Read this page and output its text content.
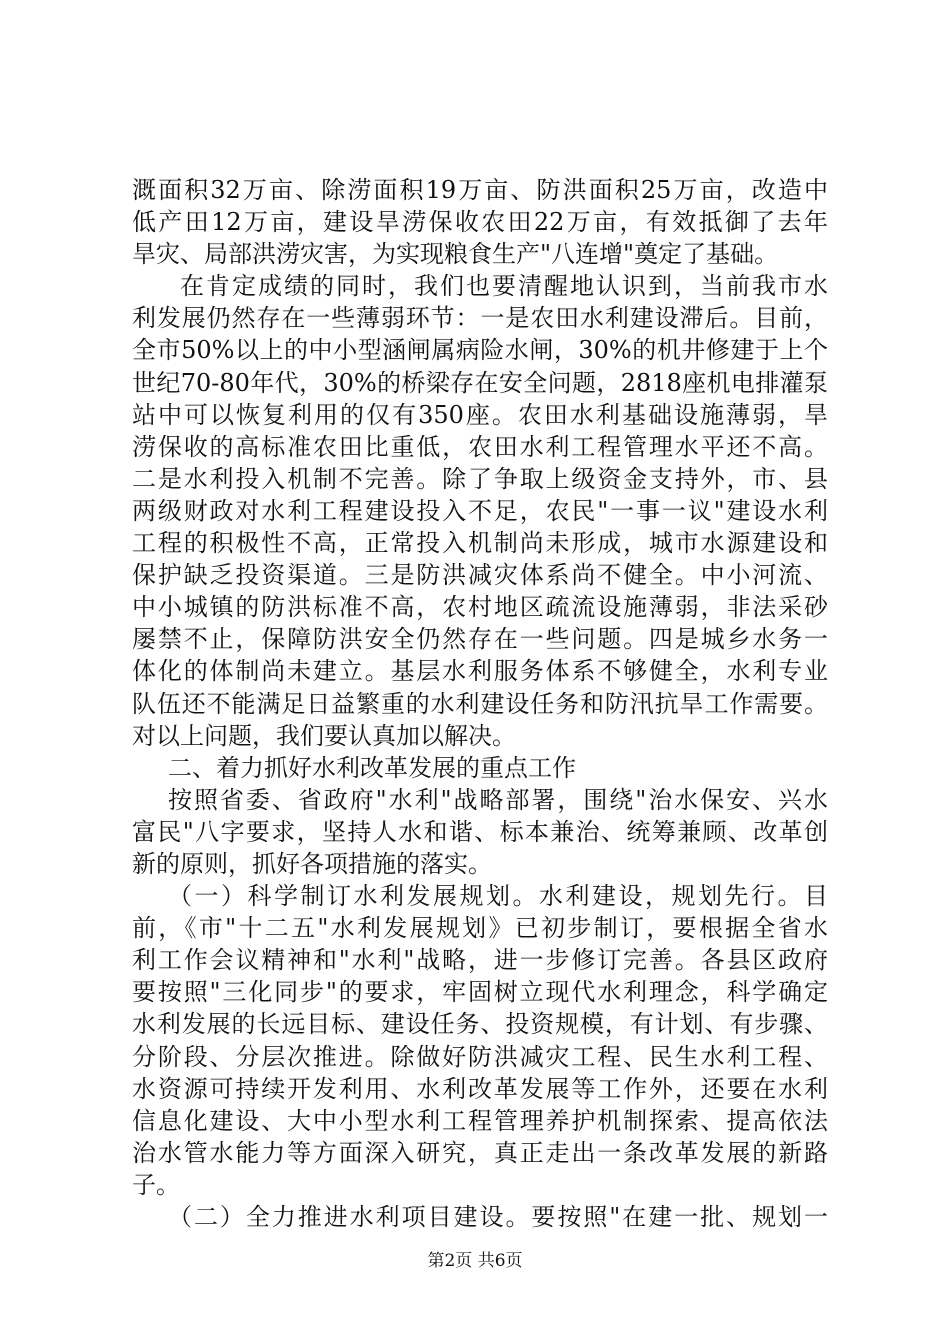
溉面积32万亩、除涝面积19万亩、防洪面积25万亩，改造中
低产田12万亩，建设旱涝保收农田22万亩，有效抵御了去年
旱灾、局部洪涝灾害，为实现粮食生产"八连增"奠定了基础。
在肯定成绩的同时，我们也要清醒地认识到，当前我市水
利发展仍然存在一些薄弱环节：一是农田水利建设滞后。目前，
全市50%以上的中小型涵闸属病险水闸，30%的机井修建于上个
世纪70-80年代，30%的桥梁存在安全问题，2818座机电排灌泵
站中可以恢复利用的仅有350座。农田水利基础设施薄弱，旱
涝保收的高标准农田比重低，农田水利工程管理水平还不高。
二是水利投入机制不完善。除了争取上级资金支持外，市、县
两级财政对水利工程建设投入不足，农民"一事一议"建设水利
工程的积极性不高，正常投入机制尚未形成，城市水源建设和
保护缺乏投资渠道。三是防洪减灾体系尚不健全。中小河流、
中小城镇的防洪标准不高，农村地区疏流设施薄弱，非法采砂
屡禁不止，保障防洪安全仍然存在一些问题。四是城乡水务一
体化的体制尚未建立。基层水利服务体系不够健全，水利专业
队伍还不能满足日益繁重的水利建设任务和防汛抗旱工作需要。
对以上问题，我们要认真加以解决。
二、着力抓好水利改革发展的重点工作
按照省委、省政府"水利"战略部署，围绕"治水保安、兴水
富民"八字要求，坚持人水和谐、标本兼治、统筹兼顾、改革创
新的原则，抓好各项措施的落实。
（一）科学制订水利发展规划。水利建设，规划先行。目
前，《市"十二五"水利发展规划》已初步制订，要根据全省水
利工作会议精神和"水利"战略，进一步修订完善。各县区政府
要按照"三化同步"的要求，牢固树立现代水利理念，科学确定
水利发展的长远目标、建设任务、投资规模，有计划、有步骤、
分阶段、分层次推进。除做好防洪减灾工程、民生水利工程、
水资源可持续开发利用、水利改革发展等工作外，还要在水利
信息化建设、大中小型水利工程管理养护机制探索、提高依法
治水管水能力等方面深入研究，真正走出一条改革发展的新路
子。
（二）全力推进水利项目建设。要按照"在建一批、规划一
第2页 共6页
